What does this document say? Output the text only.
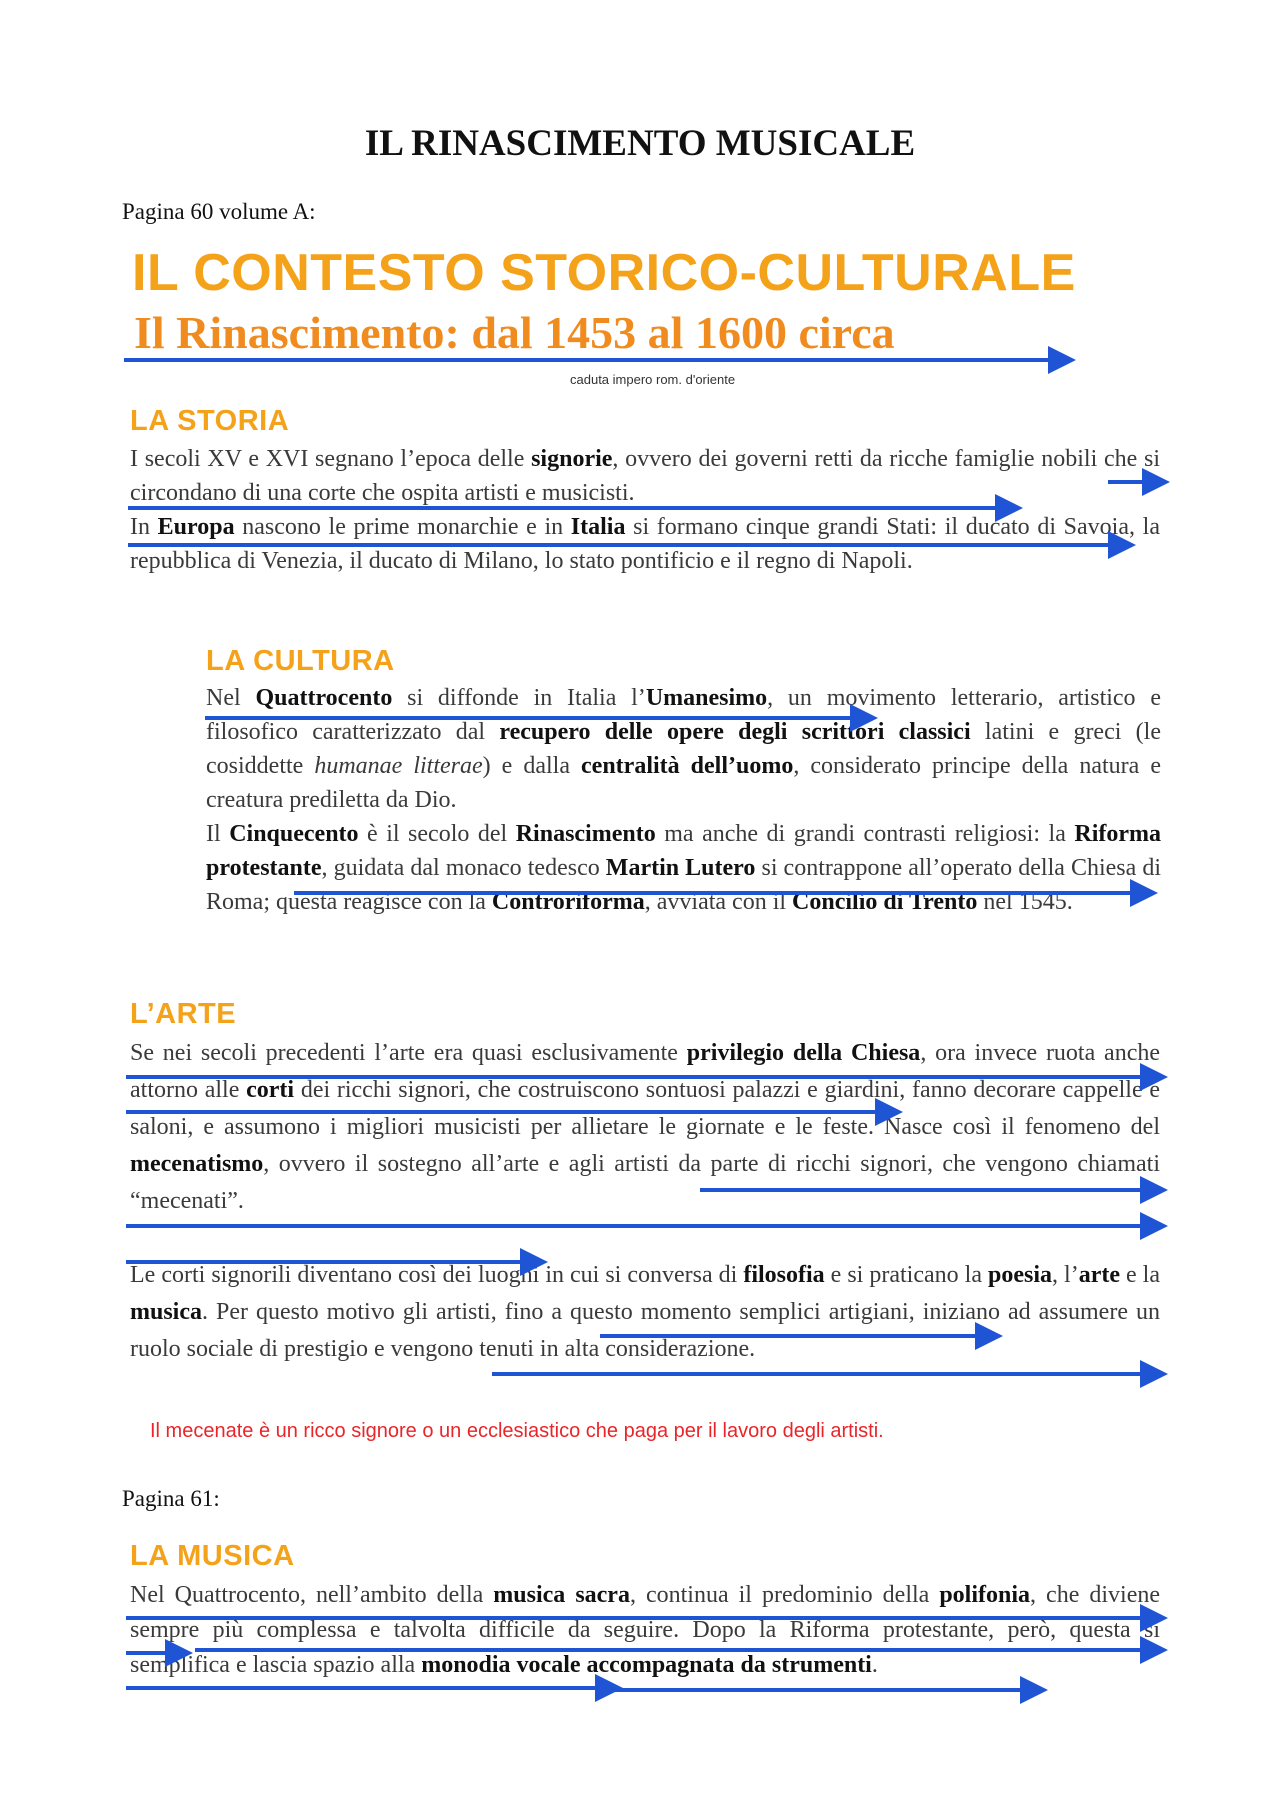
IL RINASCIMENTO MUSICALE

Pagina 60 volume A:

IL CONTESTO STORICO-CULTURALE
Il Rinascimento: dal 1453 al 1600 circa

caduta impero rom. d'oriente

LA STORIA

I secoli XV e XVI segnano l’epoca delle signorie, ovvero dei governi retti da ricche famiglie nobili che si circondano di una corte che ospita artisti e musicisti.

In Europa nascono le prime monarchie e in Italia si formano cinque grandi Stati: il ducato di Savoia, la repubblica di Venezia, il ducato di Milano, lo stato pontificio e il regno di Napoli.

LA CULTURA

Nel Quattrocento si diffonde in Italia l’Umanesimo, un movimento letterario, artistico e filosofico caratterizzato dal recupero delle opere degli scrittori classici latini e greci (le cosiddette humanae litterae) e dalla centralità dell’uomo, considerato principe della natura e creatura prediletta da Dio.

Il Cinquecento è il secolo del Rinascimento ma anche di grandi contrasti religiosi: la Riforma protestante, guidata dal monaco tedesco Martin Lutero si contrappone all’operato della Chiesa di Roma; questa reagisce con la Controriforma, avviata con il Concilio di Trento nel 1545.

L’ARTE

Se nei secoli precedenti l’arte era quasi esclusivamente privilegio della Chiesa, ora invece ruota anche attorno alle corti dei ricchi signori, che costruiscono sontuosi palazzi e giardini, fanno decorare cappelle e saloni, e assumono i migliori musicisti per allietare le giornate e le feste. Nasce così il fenomeno del mecenatismo, ovvero il sostegno all’arte e agli artisti da parte di ricchi signori, che vengono chiamati “mecenati”.

Le corti signorili diventano così dei luoghi in cui si conversa di filosofia e si praticano la poesia, l’arte e la musica. Per questo motivo gli artisti, fino a questo momento semplici artigiani, iniziano ad assumere un ruolo sociale di prestigio e vengono tenuti in alta considerazione.

Il mecenate è un ricco signore o un ecclesiastico che paga per il lavoro degli artisti.

Pagina 61:

LA MUSICA

Nel Quattrocento, nell’ambito della musica sacra, continua il predominio della polifonia, che diviene sempre più complessa e talvolta difficile da seguire. Dopo la Riforma protestante, però, questa si semplifica e lascia spazio alla monodia vocale accompagnata da strumenti.
